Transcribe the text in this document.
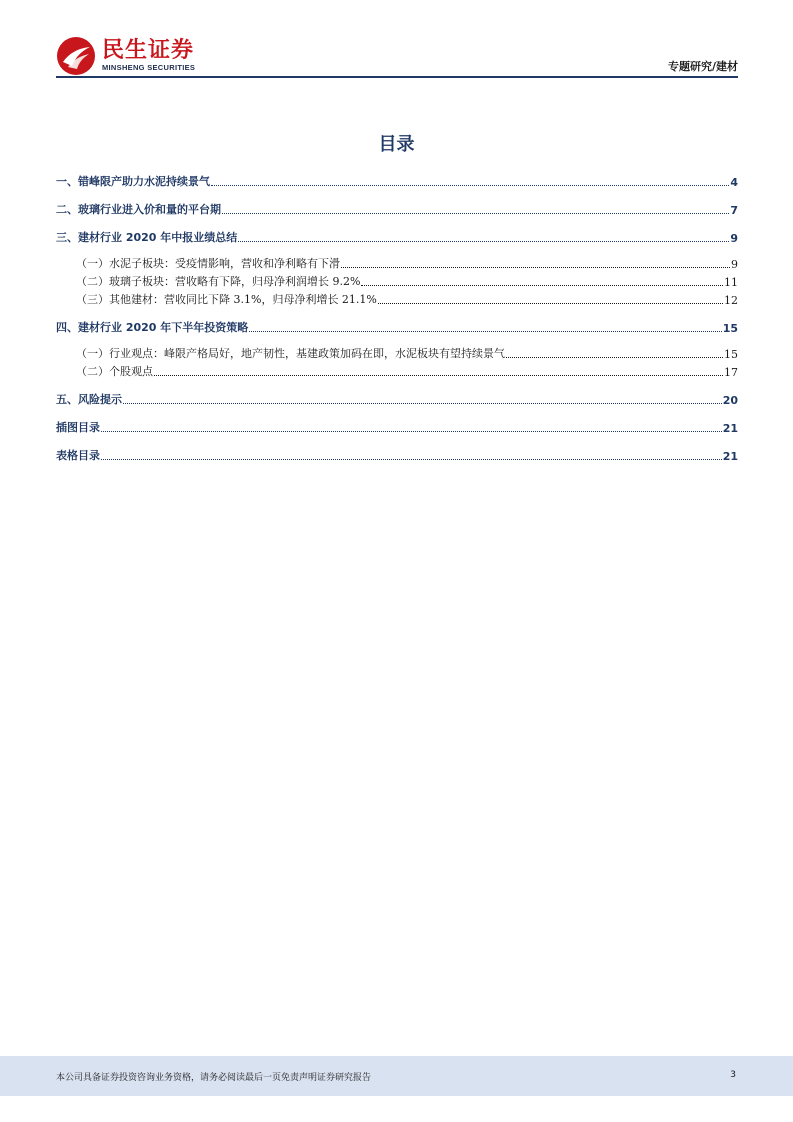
民生证券
MINSHENG SECURITIES	专题研究/建材
目录
一、错峰限产助力水泥持续景气	4
二、玻璃行业进入价和量的平台期	7
三、建材行业 2020 年中报业绩总结	9
（一）水泥子板块：受疫情影响，营收和净利略有下滑	9
（二）玻璃子板块：营收略有下降，归母净利润增长 9.2%	11
（三）其他建材：营收同比下降 3.1%，归母净利增长 21.1%	12
四、建材行业 2020 年下半年投资策略	15
（一）行业观点：峰限产格局好，地产韧性，基建政策加码在即，水泥板块有望持续景气	15
（二）个股观点	17
五、风险提示	20
插图目录	21
表格目录	21
本公司具备证券投资咨询业务资格，请务必阅读最后一页免责声明证券研究报告	3
